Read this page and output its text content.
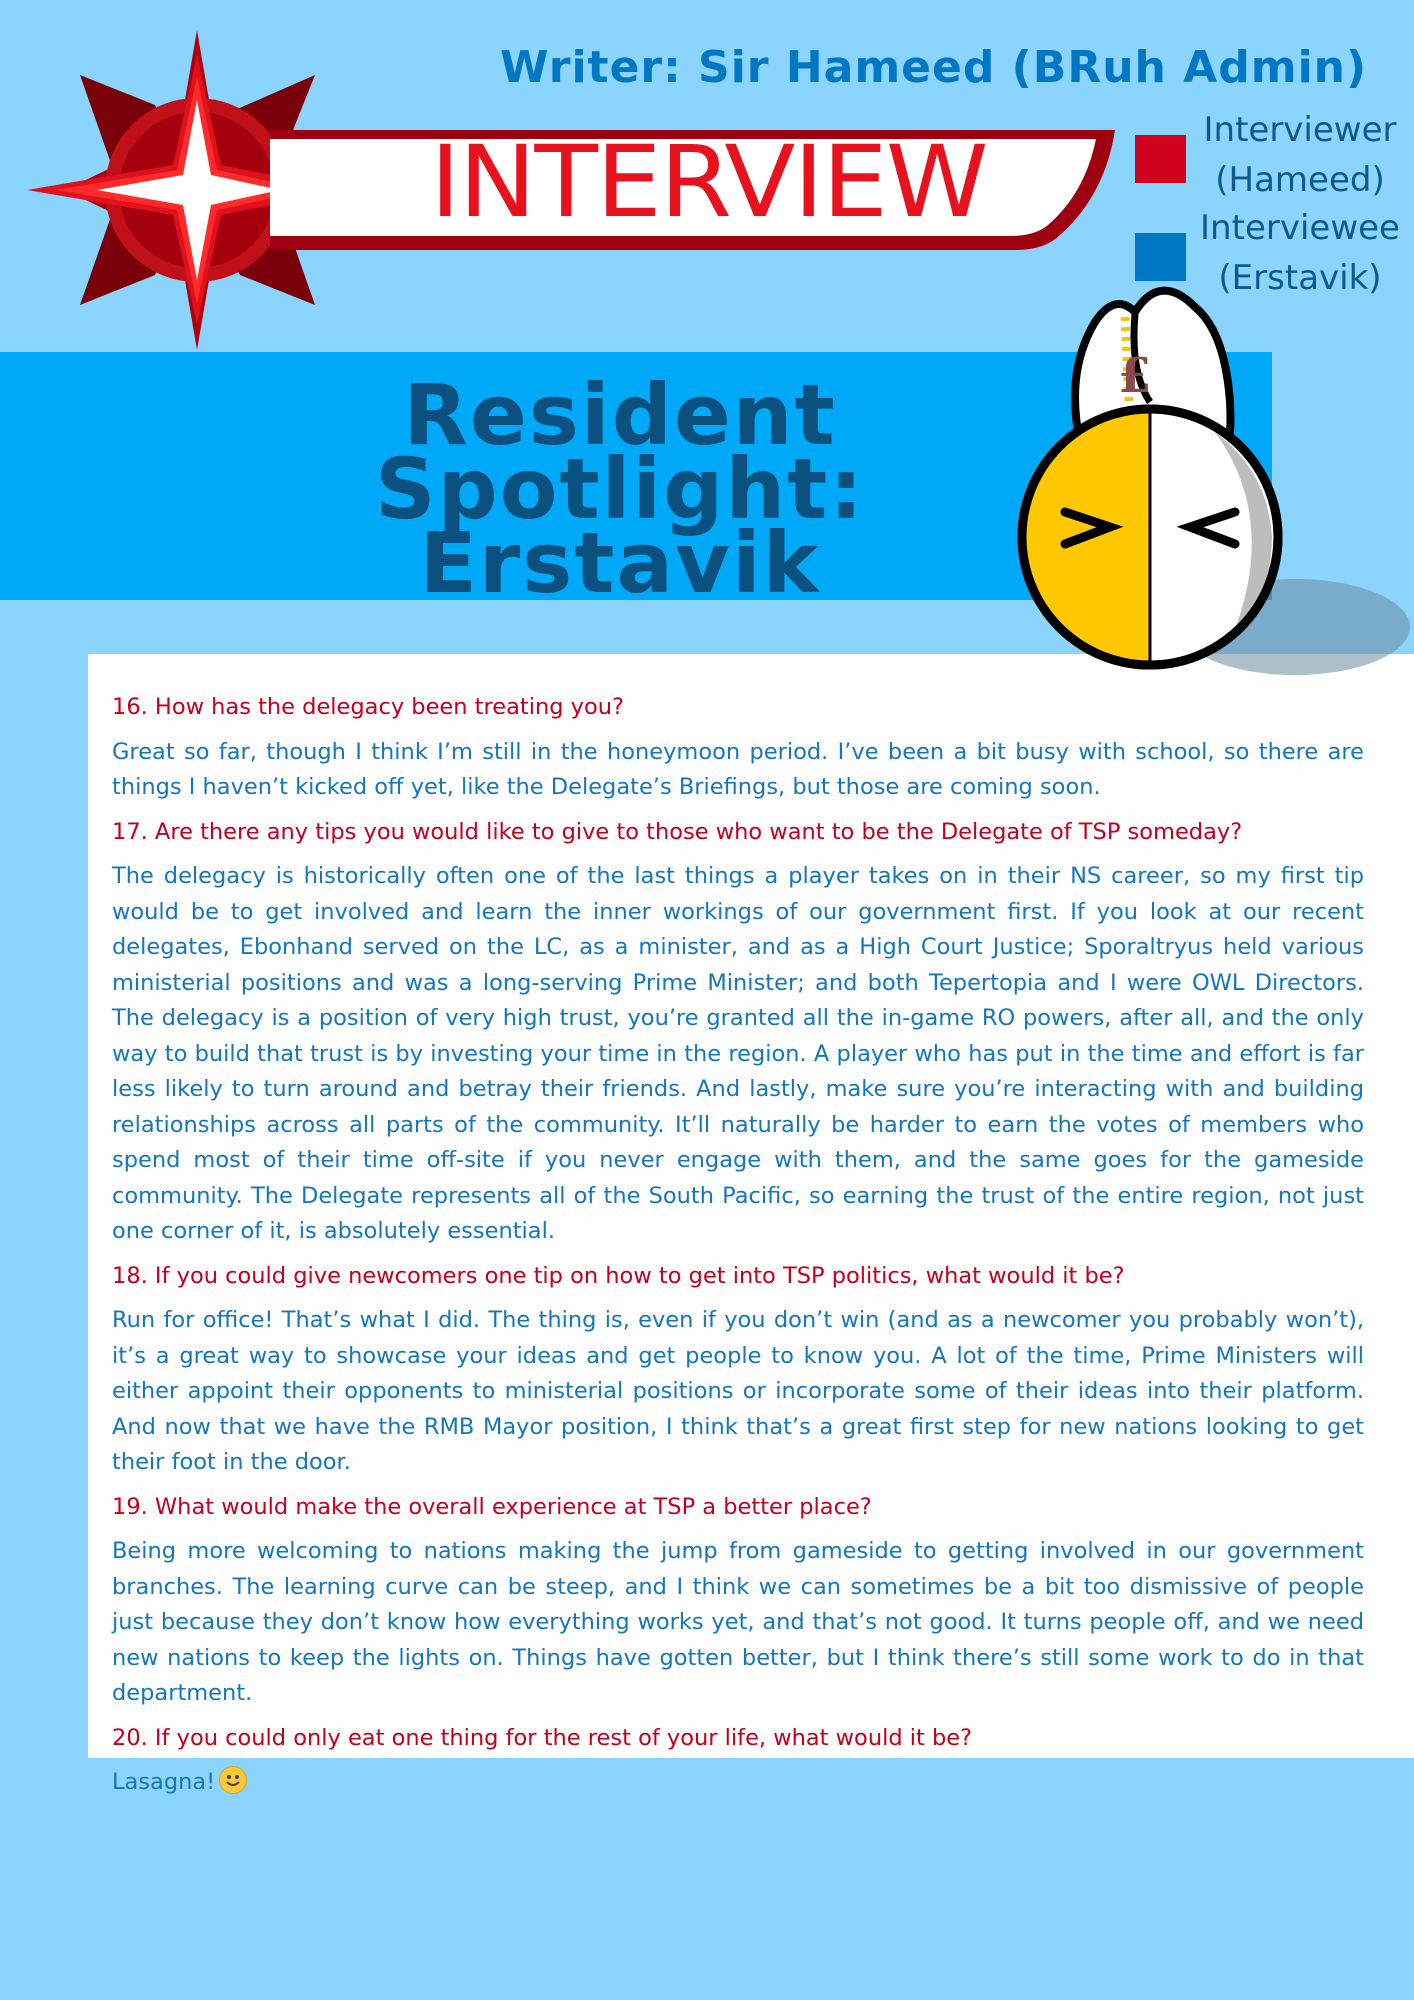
INTERVIEW
Writer: Sir Hameed (BRuh Admin)
Interviewer
(Hameed)
Interviewee
(Erstavik)
Resident Spotlight:
Erstavik

16. How has the delegacy been treating you?

Great so far, though I think I’m still in the honeymoon period. I’ve been a bit busy with school, so there are things I haven’t kicked off yet, like the Delegate’s Briefings, but those are coming soon.

17. Are there any tips you would like to give to those who want to be the Delegate of TSP someday?

The delegacy is historically often one of the last things a player takes on in their NS career, so my first tip would be to get involved and learn the inner workings of our government first. If you look at our recent delegates, Ebonhand served on the LC, as a minister, and as a High Court Justice; Sporaltryus held various ministerial positions and was a long-serving Prime Minister; and both Tepertopia and I were OWL Directors. The delegacy is a position of very high trust, you’re granted all the in-game RO powers, after all, and the only way to build that trust is by investing your time in the region. A player who has put in the time and effort is far less likely to turn around and betray their friends. And lastly, make sure you’re interacting with and building relationships across all parts of the community. It’ll naturally be harder to earn the votes of members who spend most of their time off-site if you never engage with them, and the same goes for the gameside community. The Delegate represents all of the South Pacific, so earning the trust of the entire region, not just one corner of it, is absolutely essential.

18. If you could give newcomers one tip on how to get into TSP politics, what would it be?

Run for office! That’s what I did. The thing is, even if you don’t win (and as a newcomer you probably won’t), it’s a great way to showcase your ideas and get people to know you. A lot of the time, Prime Ministers will either appoint their opponents to ministerial positions or incorporate some of their ideas into their platform. And now that we have the RMB Mayor position, I think that’s a great first step for new nations looking to get their foot in the door.

19. What would make the overall experience at TSP a better place?

Being more welcoming to nations making the jump from gameside to getting involved in our government branches. The learning curve can be steep, and I think we can sometimes be a bit too dismissive of people just because they don’t know how everything works yet, and that’s not good. It turns people off, and we need new nations to keep the lights on. Things have gotten better, but I think there’s still some work to do in that department.

20. If you could only eat one thing for the rest of your life, what would it be?

Lasagna!

£
